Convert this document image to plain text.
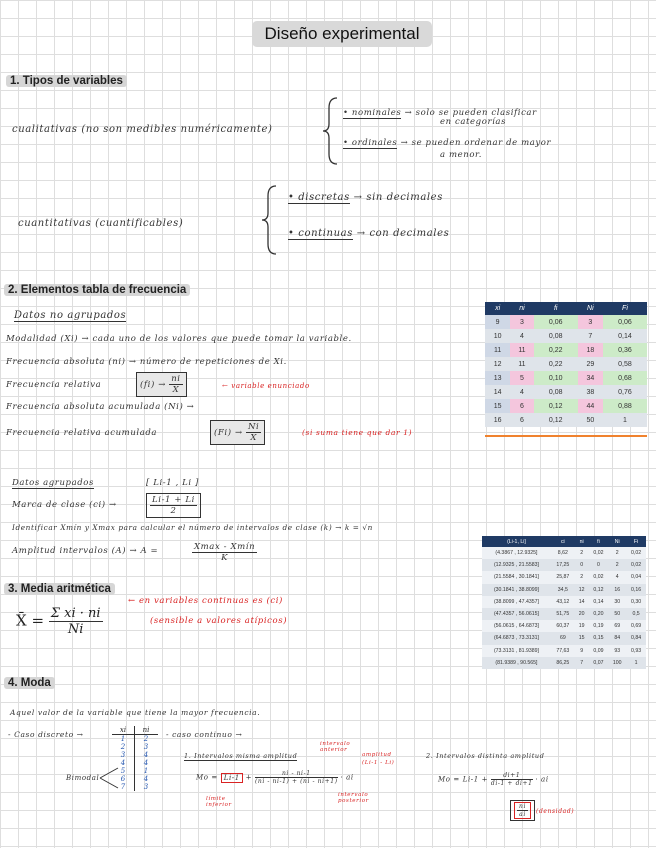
Diseño experimental
1. Tipos de variables
cualitativas (no son medibles numéricamente)
• nominales → solo se pueden clasificar
en categorías
• ordinales → se pueden ordenar de mayor
a menor.
cuantitativas (cuantificables)
• discretas → sin decimales
• continuas → con decimales
2. Elementos tabla de frecuencia
Datos no agrupados
Modalidad (Xi) → cada uno de los valores que puede tomar la variable.
Frecuencia absoluta (ni) → número de repeticiones de Xi.
Frecuencia relativa	$(fi) \to \frac{ni}{X}$	← variable enunciado
Frecuencia absoluta acumulada (Ni) →
Frecuencia relativa acumulada	$(Fi) \to \frac{Ni}{X}$	(si suma tiene que dar 1)
xi	ni	fi	Ni	Fi
9	3	0,06	3	0,06
10	4	0,08	7	0,14
11	11	0,22	18	0,36
12	11	0,22	29	0,58
13	5	0,10	34	0,68
14	4	0,08	38	0,76
15	6	0,12	44	0,88
16	6	0,12	50	1
Datos agrupados	[ Li-1 , Li ]
Marca de clase (ci) →	$\frac{Li-1 + Li}{2}$
Identificar Xmín y Xmax para calcular el número de intervalos de clase (k) → k = √n
Amplitud intervalos (A) → A =	$\frac{\text{Xmax - Xmín}}{K}$
(Li-1, Li]	ci	ni	fi	Ni	Fi
(4.3867 , 12.9325]	8,62	2	0,02	2	0,02
(12.9325 , 21.5583]	17,25	0	0	2	0,02
(21.5584 , 30.1841]	25,87	2	0,02	4	0,04
(30.1841 , 38.8099]	34,5	12	0,12	16	0,16
(38.8099 , 47.4357]	43,12	14	0,14	30	0,30
(47.4357 , 56.0615]	51,75	20	0,20	50	0,5
(56.0615 , 64.6873]	60,37	19	0,19	69	0,69
(64.6873 , 73.3131]	69	15	0,15	84	0,84
(73.3131 , 81.9389]	77,63	9	0,09	93	0,93
(81.9389 , 90.565]	86,25	7	0,07	100	1
3. Media aritmética
X̄ = $\frac{\text{Σ xi · ni}}{Ni}$
← en variables continuas es (ci)
(sensible a valores atípicos)
4. Moda
Aquel valor de la variable que tiene la mayor frecuencia.
- Caso discreto →	xi	ni
1	2
2	3
3	4
4	4
5	1
6	4
7	3
Bimodal
- caso continuo →
1. Intervalos misma amplitud
intervalo anterior
amplitud
(Li-1 - Li)
$Mo = Li-1 + \frac{ni - ni-1}{(ni - ni-1) + (ni - ni+1)}$ · ai
límite inferior
intervalo posterior
2. Intervalos distinta amplitud
$Mo = Li-1 + \frac{di+1}{di-1 + di+1}$ · ai
$\frac{ni}{ai}$ (densidad)
